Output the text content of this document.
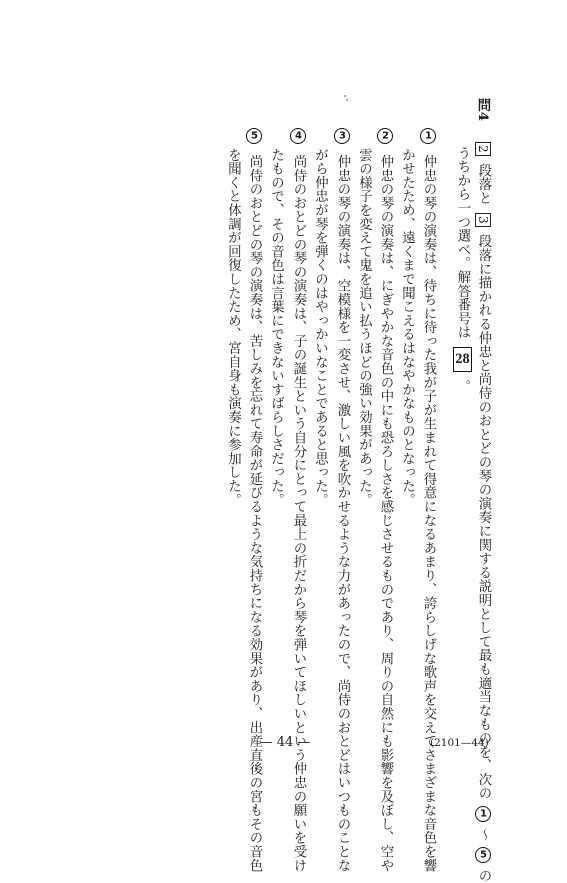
問4  2 段落と 3 段落に描かれる仲忠と尚侍のおとどの琴の演奏に関する説明として最も適当なものを、次の 1 ～ 5 の
うちから一つ選べ。解答番号は 28 。
1 仲忠の琴の演奏は、待ちに待った我が子が生まれて得意になるあまり、誇らしげな歌声を交えてさまざまな音色を響
かせたため、遠くまで聞こえるはなやかなものとなった。
2 仲忠の琴の演奏は、にぎやかな音色の中にも恐ろしさを感じさせるものであり、周りの自然にも影響を及ぼし、空や
雲の様子を変えて鬼を追い払うほどの強い効果があった。
3 仲忠の琴の演奏は、空模様を一変させ、激しい風を吹かせるような力があったので、尚侍のおとどはいつものことな
がら仲忠が琴を弾くのはやっかいなことであると思った。
4 尚侍のおとどの琴の演奏は、子の誕生という自分にとって最上の折だから琴を弾いてほしいという仲忠の願いを受け
たもので、その音色は言葉にできないすばらしさだった。
5 尚侍のおとどの琴の演奏は、苦しみを忘れて寿命が延びるような気持ちになる効果があり、出産直後の宮もその音色
を聞くと体調が回復したため、宮自身も演奏に参加した。
— 44 —	(2101—44)
